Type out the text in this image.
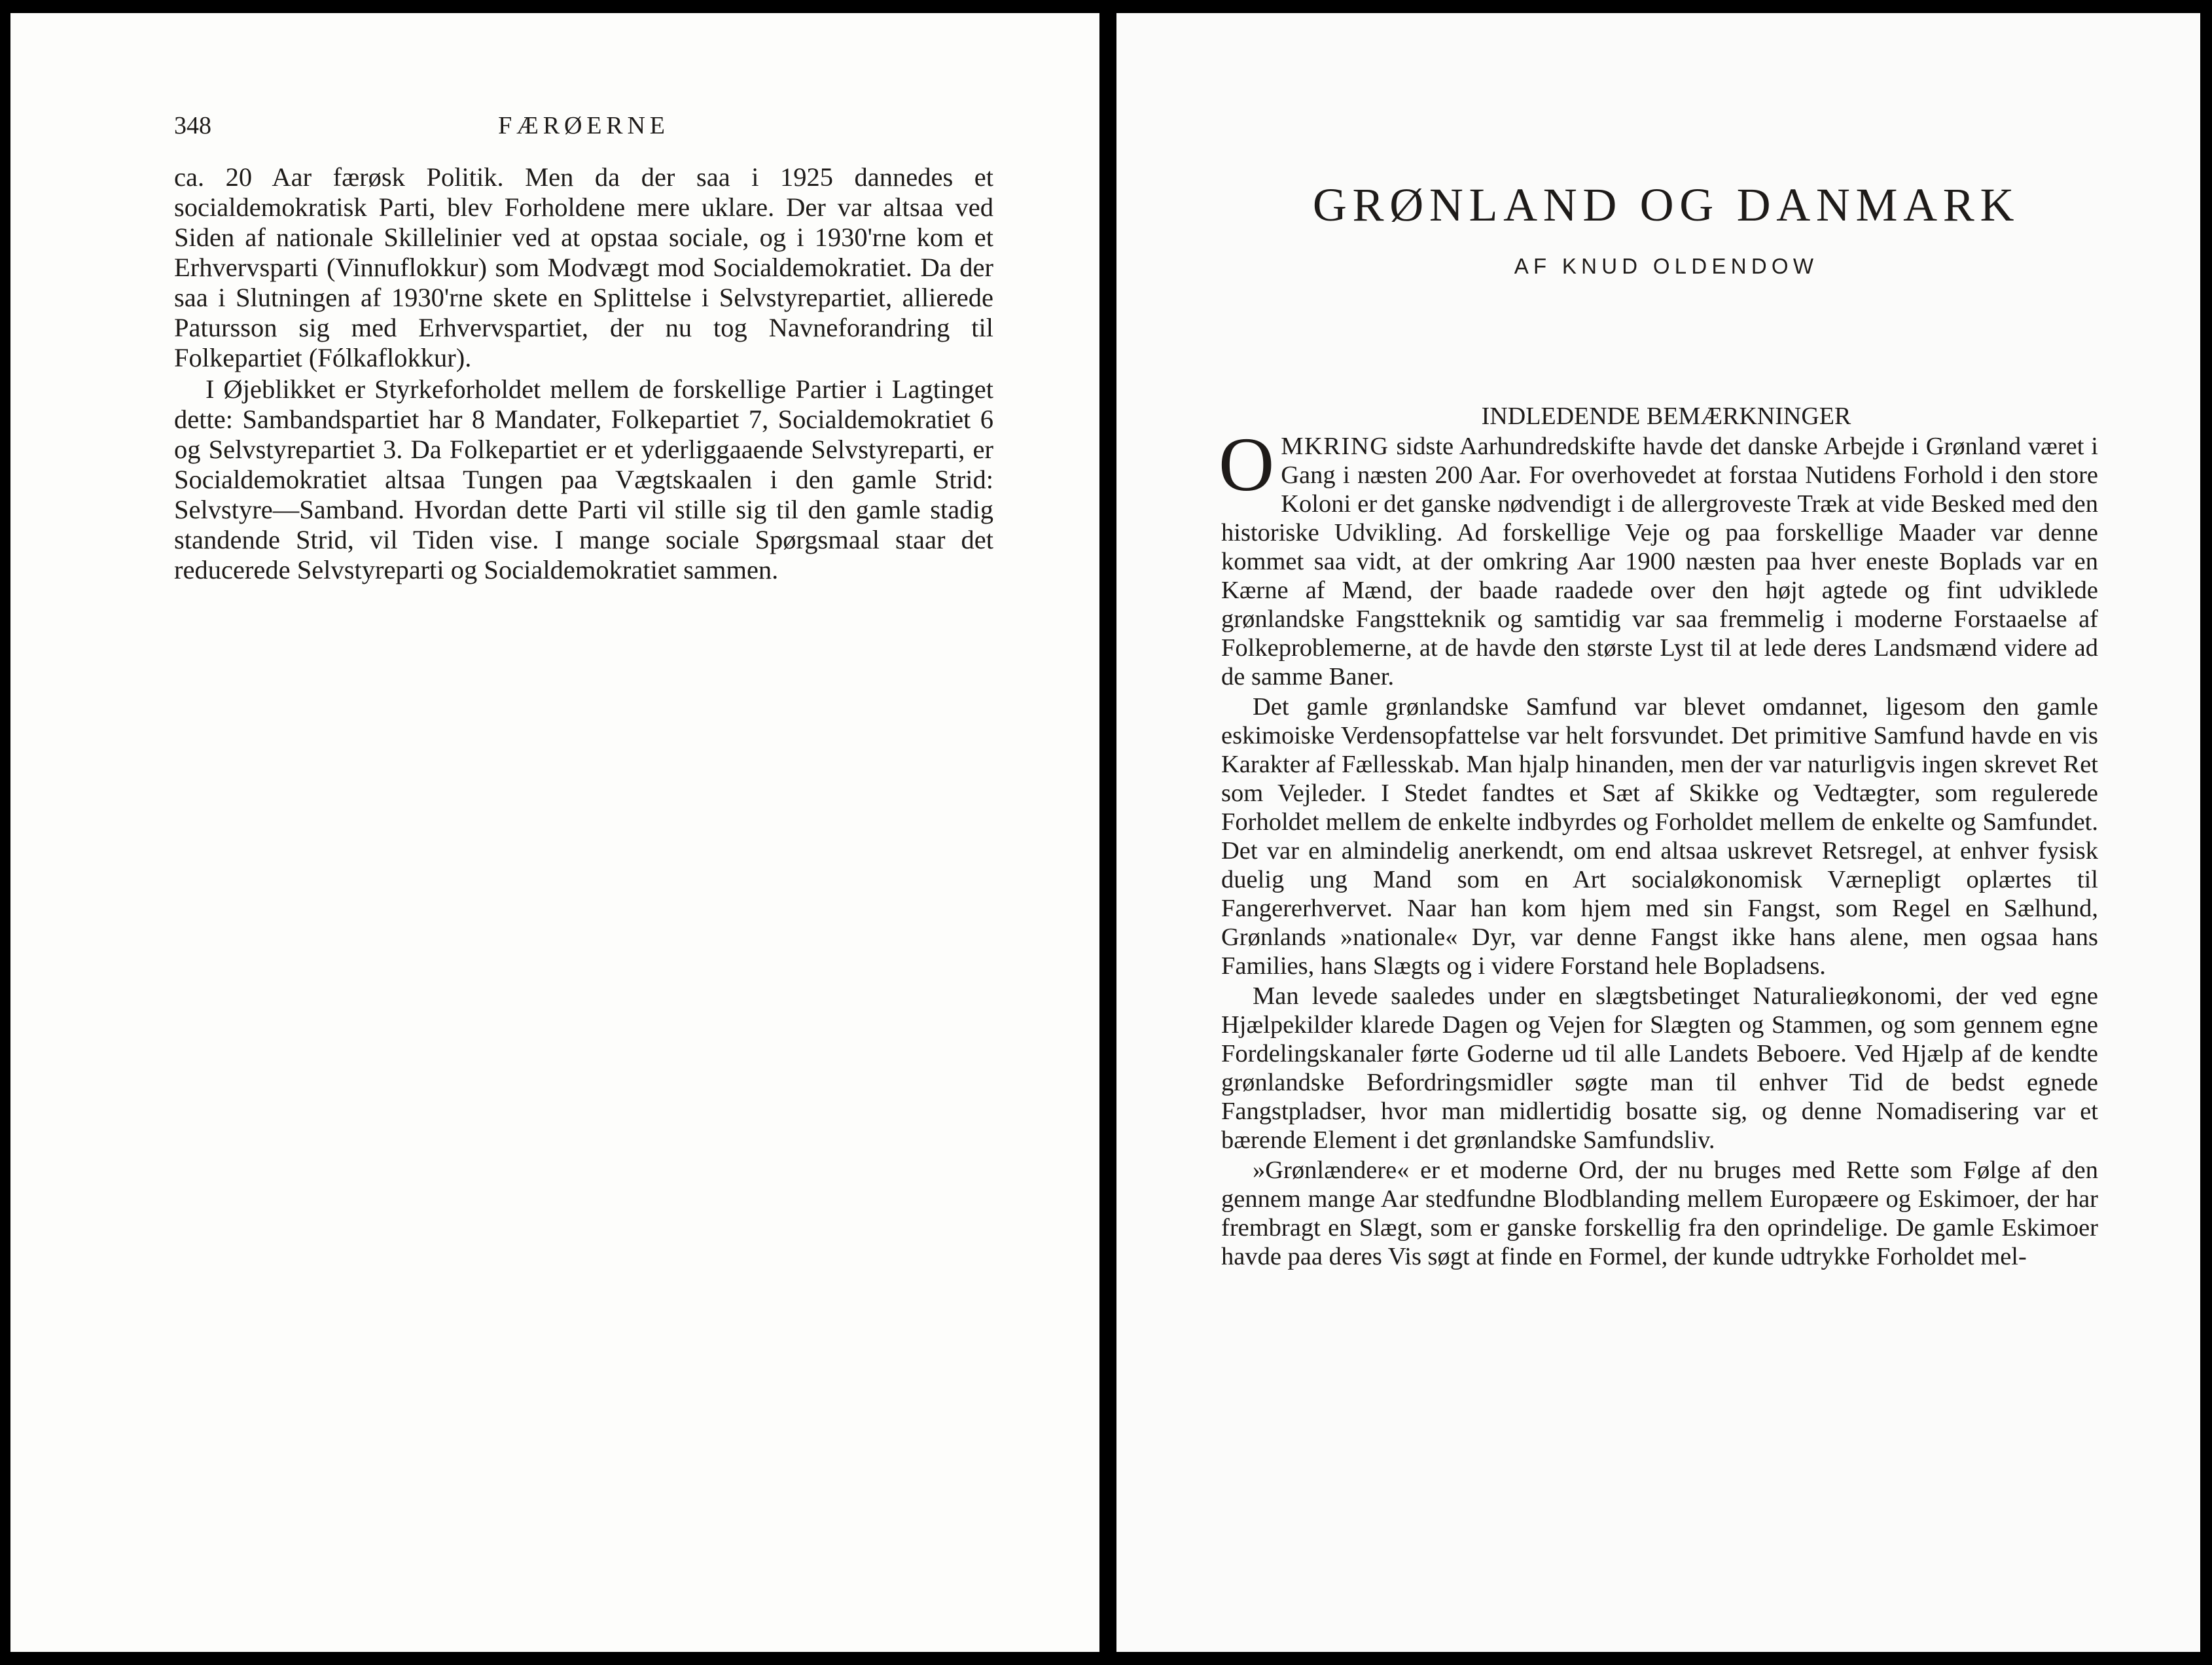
348	FÆRØERNE

ca. 20 Aar færøsk Politik. Men da der saa i 1925 dannedes et socialdemokratisk Parti, blev Forholdene mere uklare. Der var altsaa ved Siden af nationale Skillelinier ved at opstaa sociale, og i 1930'rne kom et Erhvervsparti (Vinnuflokkur) som Modvægt mod Socialdemokratiet. Da der saa i Slutningen af 1930'rne skete en Splittelse i Selvstyrepartiet, allierede Patursson sig med Erhvervspartiet, der nu tog Navneforandring til Folkepartiet (Fólkaflokkur).

I Øjeblikket er Styrkeforholdet mellem de forskellige Partier i Lagtinget dette: Sambandspartiet har 8 Mandater, Folkepartiet 7, Socialdemokratiet 6 og Selvstyrepartiet 3. Da Folkepartiet er et yderliggaaende Selvstyreparti, er Socialdemokratiet altsaa Tungen paa Vægtskaalen i den gamle Strid: Selvstyre—Samband. Hvordan dette Parti vil stille sig til den gamle stadig standende Strid, vil Tiden vise. I mange sociale Spørgsmaal staar det reducerede Selvstyreparti og Socialdemokratiet sammen.

GRØNLAND OG DANMARK
AF KNUD OLDENDOW
INDLEDENDE BEMÆRKNINGER

OMKRING sidste Aarhundredskifte havde det danske Arbejde i Grønland været i Gang i næsten 200 Aar. For overhovedet at forstaa Nutidens Forhold i den store Koloni er det ganske nødvendigt i de allergroveste Træk at vide Besked med den historiske Udvikling. Ad forskellige Veje og paa forskellige Maader var denne kommet saa vidt, at der omkring Aar 1900 næsten paa hver eneste Boplads var en Kærne af Mænd, der baade raadede over den højt agtede og fint udviklede grønlandske Fangstteknik og samtidig var saa fremmelig i moderne Forstaaelse af Folkeproblemerne, at de havde den største Lyst til at lede deres Landsmænd videre ad de samme Baner.

Det gamle grønlandske Samfund var blevet omdannet, ligesom den gamle eskimoiske Verdensopfattelse var helt forsvundet. Det primitive Samfund havde en vis Karakter af Fællesskab. Man hjalp hinanden, men der var naturligvis ingen skrevet Ret som Vejleder. I Stedet fandtes et Sæt af Skikke og Vedtægter, som regulerede Forholdet mellem de enkelte indbyrdes og Forholdet mellem de enkelte og Samfundet. Det var en almindelig anerkendt, om end altsaa uskrevet Retsregel, at enhver fysisk duelig ung Mand som en Art socialøkonomisk Værnepligt oplærtes til Fangererhvervet. Naar han kom hjem med sin Fangst, som Regel en Sælhund, Grønlands »nationale« Dyr, var denne Fangst ikke hans alene, men ogsaa hans Families, hans Slægts og i videre Forstand hele Bopladsens.

Man levede saaledes under en slægtsbetinget Naturalieøkonomi, der ved egne Hjælpekilder klarede Dagen og Vejen for Slægten og Stammen, og som gennem egne Fordelingskanaler førte Goderne ud til alle Landets Beboere. Ved Hjælp af de kendte grønlandske Befordringsmidler søgte man til enhver Tid de bedst egnede Fangstpladser, hvor man midlertidig bosatte sig, og denne Nomadisering var et bærende Element i det grønlandske Samfundsliv.

»Grønlændere« er et moderne Ord, der nu bruges med Rette som Følge af den gennem mange Aar stedfundne Blodblanding mellem Europæere og Eskimoer, der har frembragt en Slægt, som er ganske forskellig fra den oprindelige. De gamle Eskimoer havde paa deres Vis søgt at finde en Formel, der kunde udtrykke Forholdet mel-
